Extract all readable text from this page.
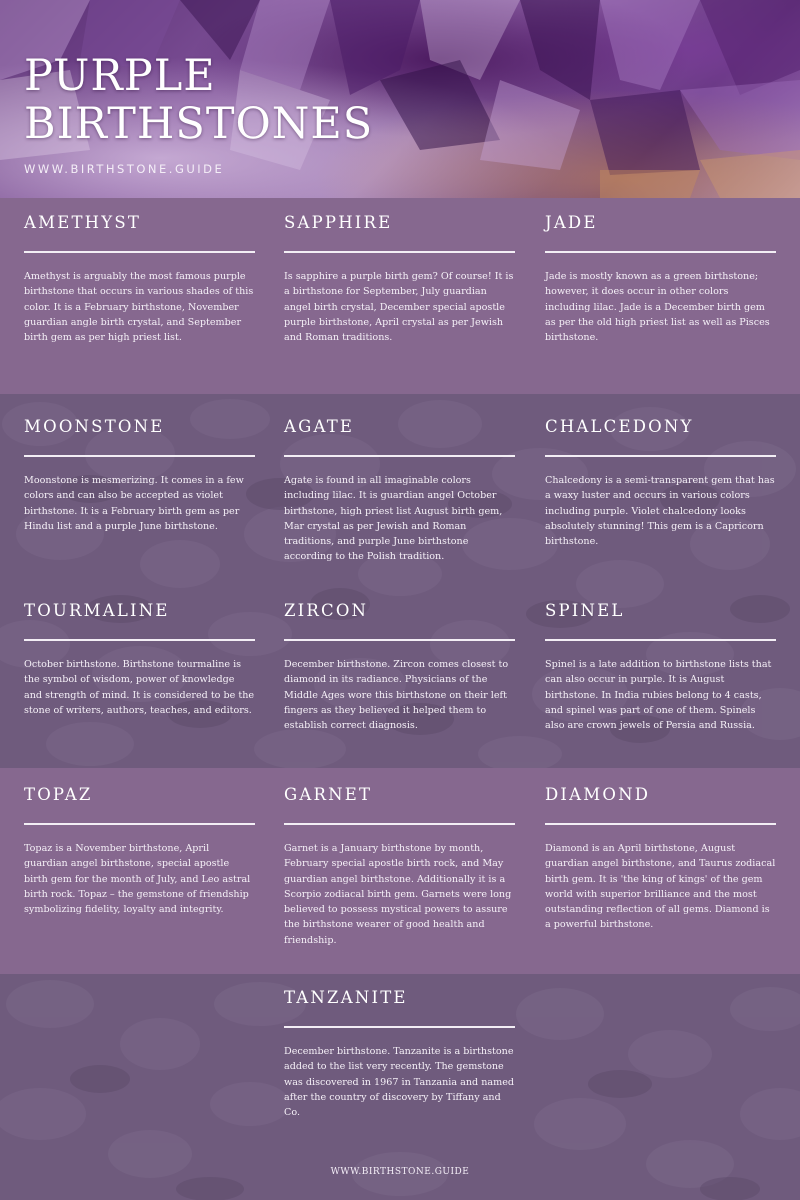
PURPLE
BIRTHSTONES
WWW.BIRTHSTONE.GUIDE
AMETHYST

Amethyst is arguably the most famous purple birthstone that occurs in various shades of this color. It is a February birthstone, November guardian angle birth crystal, and September birth gem as per high priest list.

SAPPHIRE

Is sapphire a purple birth gem? Of course! It is a birthstone for September, July guardian angel birth crystal, December special apostle purple birthstone, April crystal as per Jewish and Roman traditions.

JADE

Jade is mostly known as a green birthstone; however, it does occur in other colors including lilac. Jade is a December birth gem as per the old high priest list as well as Pisces birthstone.

MOONSTONE

Moonstone is mesmerizing. It comes in a few colors and can also be accepted as violet birthstone. It is a February birth gem as per Hindu list and a purple June birthstone.

AGATE

Agate is found in all imaginable colors including lilac. It is guardian angel October birthstone, high priest list August birth gem, Mar crystal as per Jewish and Roman traditions, and purple June birthstone according to the Polish tradition.

CHALCEDONY

Chalcedony is a semi-transparent gem that has a waxy luster and occurs in various colors including purple. Violet chalcedony looks absolutely stunning! This gem is a Capricorn birthstone.

TOURMALINE

October birthstone. Birthstone tourmaline is the symbol of wisdom, power of knowledge and strength of mind. It is considered to be the stone of writers, authors, teaches, and editors.

ZIRCON

December birthstone. Zircon comes closest to diamond in its radiance. Physicians of the Middle Ages wore this birthstone on their left fingers as they believed it helped them to establish correct diagnosis.

SPINEL

Spinel is a late addition to birthstone lists that can also occur in purple. It is August birthstone. In India rubies belong to 4 casts, and spinel was part of one of them. Spinels also are crown jewels of Persia and Russia.

TOPAZ

Topaz is a November birthstone, April guardian angel birthstone, special apostle birth gem for the month of July, and Leo astral birth rock. Topaz – the gemstone of friendship symbolizing fidelity, loyalty and integrity.

GARNET

Garnet is a January birthstone by month, February special apostle birth rock, and May guardian angel birthstone. Additionally it is a Scorpio zodiacal birth gem. Garnets were long believed to possess mystical powers to assure the birthstone wearer of good health and friendship.

DIAMOND

Diamond is an April birthstone, August guardian angel birthstone, and Taurus zodiacal birth gem. It is 'the king of kings' of the gem world with superior brilliance and the most outstanding reflection of all gems. Diamond is a powerful birthstone.

TANZANITE

December birthstone. Tanzanite is a birthstone added to the list very recently. The gemstone was discovered in 1967 in Tanzania and named after the country of discovery by Tiffany and Co.

WWW.BIRTHSTONE.GUIDE
